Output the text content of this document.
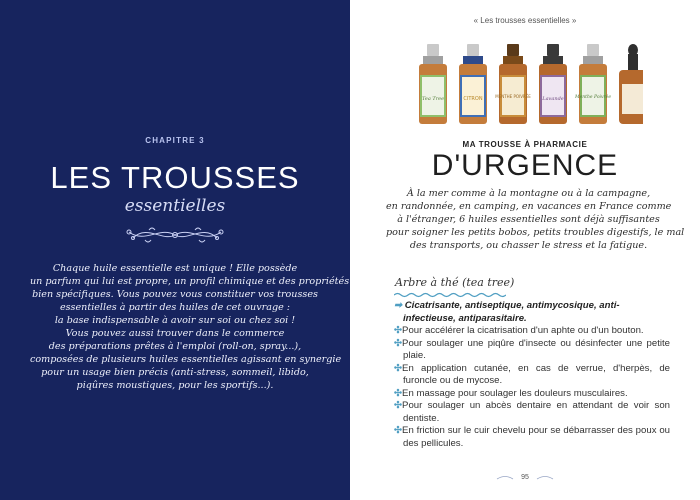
CHAPITRE 3
LES TROUSSES
essentielles

Chaque huile essentielle est unique ! Elle possède

un parfum qui lui est propre, un profil chimique et des propriétés

bien spécifiques. Vous pouvez vous constituer vos trousses

essentielles à partir des huiles de cet ouvrage :

la base indispensable à avoir sur soi ou chez soi !

Vous pouvez aussi trouver dans le commerce

des préparations prêtes à l'emploi (roll-on, spray...),

composées de plusieurs huiles essentielles agissant en synergie

pour un usage bien précis (anti-stress, sommeil, libido,

piqûres moustiques, pour les sportifs...).

« Les trousses essentielles »
Tea Tree	CITRON	MENTHE POIVRÉE Lavande	Menthe Poivrée
MA TROUSSE À PHARMACIE
D'URGENCE

À la mer comme à la montagne ou à la campagne,

en randonnée, en camping, en vacances en France comme

à l'étranger, 6 huiles essentielles sont déjà suffisantes

pour soigner les petits bobos, petits troubles digestifs, le mal

des transports, ou chasser le stress et la fatigue.

Arbre à thé (tea tree)
➡ Cicatrisante, antiseptique, antimycosique, anti-infectieuse, antiparasitaire.
✣Pour accélérer la cicatrisation d'un aphte ou d'un bouton.
✣Pour soulager une piqûre d'insecte ou désinfecter une petite plaie.
✣En application cutanée, en cas de verrue, d'herpès, de furoncle ou de mycose.
✣En massage pour soulager les douleurs musculaires.
✣Pour soulager un abcès dentaire en attendant de voir son dentiste.
✣En friction sur le cuir chevelu pour se débarrasser des poux ou des pellicules.
95
